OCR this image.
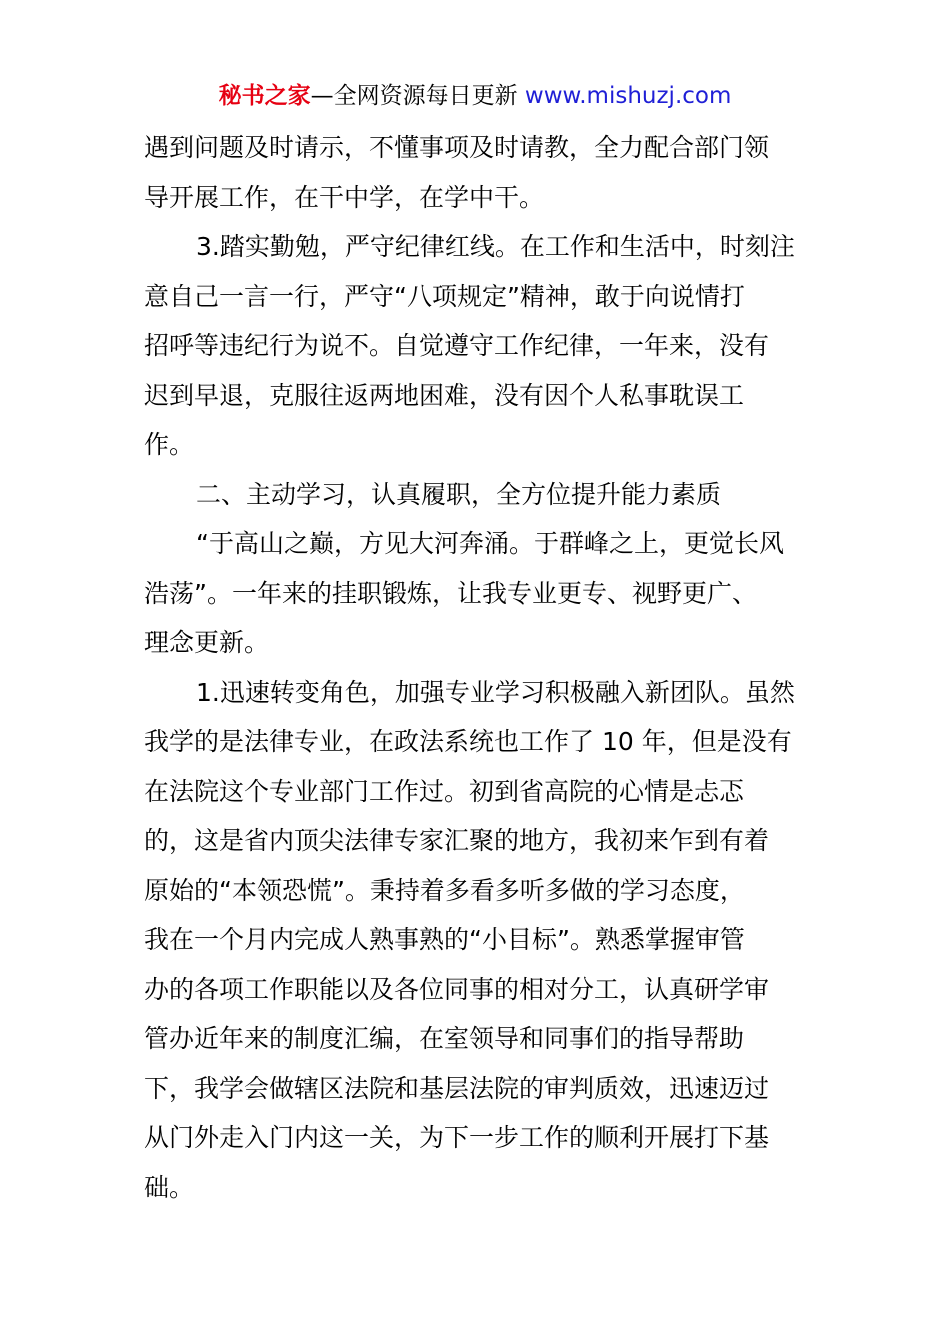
秘书之家—全网资源每日更新 www.mishuzj.com
遇到问题及时请示，不懂事项及时请教，全力配合部门领
导开展工作，在干中学，在学中干。
3.踏实勤勉，严守纪律红线。在工作和生活中，时刻注
意自己一言一行，严守“八项规定”精神，敢于向说情打
招呼等违纪行为说不。自觉遵守工作纪律，一年来，没有
迟到早退，克服往返两地困难，没有因个人私事耽误工
作。
二、主动学习，认真履职，全方位提升能力素质
“于高山之巅，方见大河奔涌。于群峰之上，更觉长风
浩荡”。一年来的挂职锻炼，让我专业更专、视野更广、
理念更新。
1.迅速转变角色，加强专业学习积极融入新团队。虽然
我学的是法律专业，在政法系统也工作了 10 年，但是没有
在法院这个专业部门工作过。初到省高院的心情是忐忑
的，这是省内顶尖法律专家汇聚的地方，我初来乍到有着
原始的“本领恐慌”。秉持着多看多听多做的学习态度，
我在一个月内完成人熟事熟的“小目标”。熟悉掌握审管
办的各项工作职能以及各位同事的相对分工，认真研学审
管办近年来的制度汇编，在室领导和同事们的指导帮助
下，我学会做辖区法院和基层法院的审判质效，迅速迈过
从门外走入门内这一关，为下一步工作的顺利开展打下基
础。
